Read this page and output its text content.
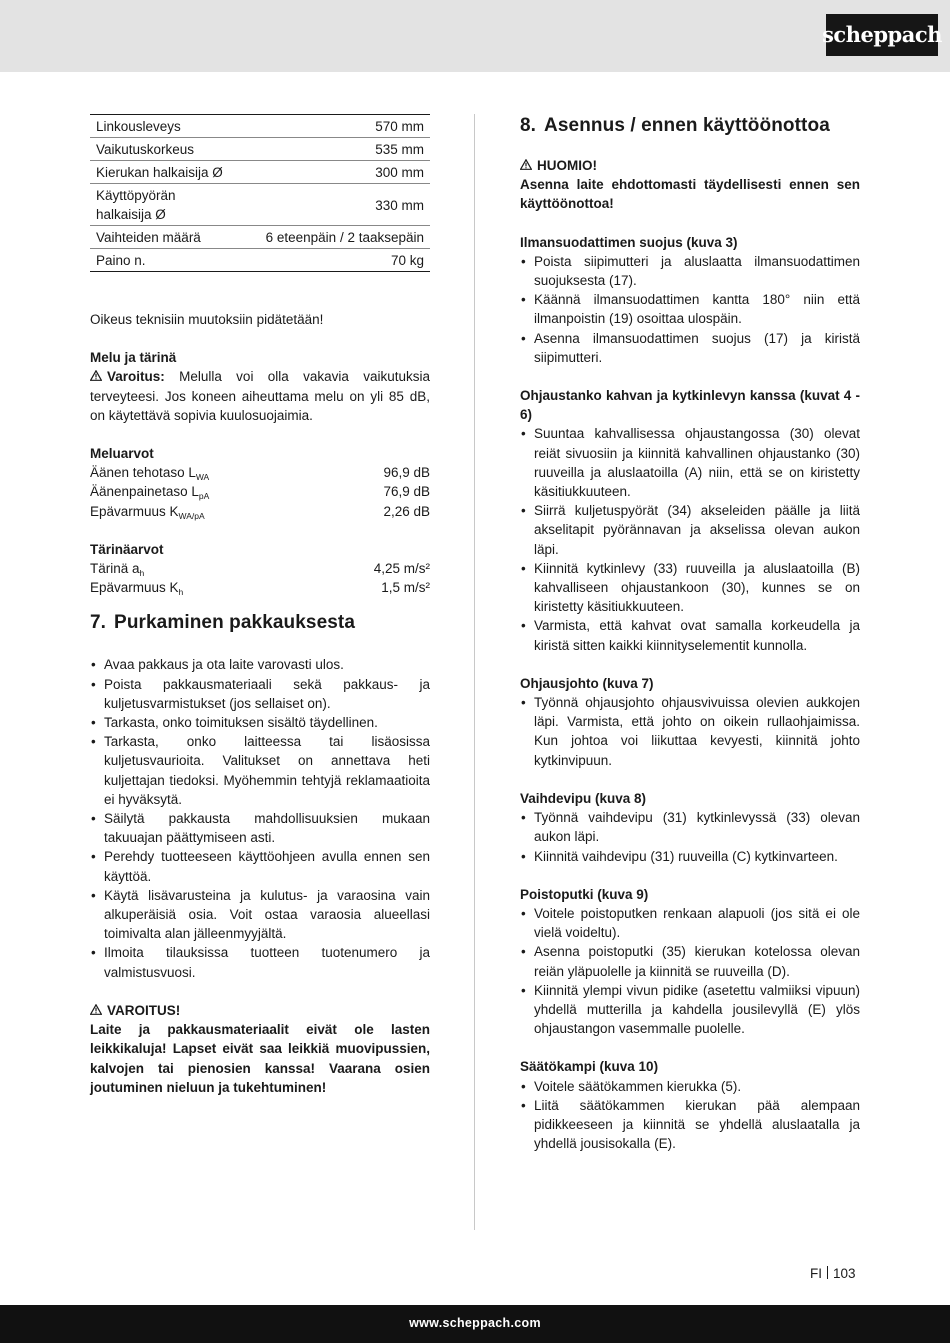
scheppach
Linkousleveys	570 mm
Vaikutuskorkeus	535 mm
Kierukan halkaisija Ø	300 mm
Käyttöpyörän halkaisija Ø	330 mm
Vaihteiden määrä	6 eteenpäin / 2 taaksepäin
Paino n.	70 kg

Oikeus teknisiin muutoksiin pidätetään!

Melu ja tärinä

Varoitus: Melulla voi olla vakavia vaikutuksia terveyteesi. Jos koneen aiheuttama melu on yli 85 dB, on käytettävä sopivia kuulosuojaimia.

Meluarvot

Äänen tehotaso $L_{WA}$	96,9 dB
Äänenpainetaso $L_{pA}$	76,9 dB
Epävarmuus $K_{WA/pA}$	2,26 dB

Tärinäarvot

Tärinä $a_h$	4,25 m/s²
Epävarmuus $K_h$	1,5 m/s²
7. Purkaminen pakkauksesta
• Avaa pakkaus ja ota laite varovasti ulos.
• Poista pakkausmateriaali sekä pakkaus- ja kuljetusvarmistukset (jos sellaiset on).
• Tarkasta, onko toimituksen sisältö täydellinen.
• Tarkasta, onko laitteessa tai lisäosissa kuljetusvaurioita. Valitukset on annettava heti kuljettajan tiedoksi. Myöhemmin tehtyjä reklamaatioita ei hyväksytä.
• Säilytä pakkausta mahdollisuuksien mukaan takuuajan päättymiseen asti.
• Perehdy tuotteeseen käyttöohjeen avulla ennen sen käyttöä.
• Käytä lisävarusteina ja kulutus- ja varaosina vain alkuperäisiä osia. Voit ostaa varaosia alueellasi toimivalta alan jälleenmyyjältä.
• Ilmoita tilauksissa tuotteen tuotenumero ja valmistusvuosi.

VAROITUS!

Laite ja pakkausmateriaalit eivät ole lasten leikkikaluja! Lapset eivät saa leikkiä muovipussien, kalvojen tai pienosien kanssa! Vaarana osien joutuminen nieluun ja tukehtuminen!

8. Asennus / ennen käyttöönottoa

HUOMIO!

Asenna laite ehdottomasti täydellisesti ennen sen käyttöönottoa!

Ilmansuodattimen suojus (kuva 3)

• Poista siipimutteri ja aluslaatta ilmansuodattimen suojuksesta (17).
• Käännä ilmansuodattimen kantta 180° niin että ilmanpoistin (19) osoittaa ulospäin.
• Asenna ilmansuodattimen suojus (17) ja kiristä siipimutteri.

Ohjaustanko kahvan ja kytkinlevyn kanssa (kuvat 4 - 6)

• Suuntaa kahvallisessa ohjaustangossa (30) olevat reiät sivuosiin ja kiinnitä kahvallinen ohjaustanko (30) ruuveilla ja aluslaatoilla (A) niin, että se on kiristetty käsitiukkuuteen.
• Siirrä kuljetuspyörät (34) akseleiden päälle ja liitä akselitapit pyörännavan ja akselissa olevan aukon läpi.
• Kiinnitä kytkinlevy (33) ruuveilla ja aluslaatoilla (B) kahvalliseen ohjaustankoon (30), kunnes se on kiristetty käsitiukkuuteen.
• Varmista, että kahvat ovat samalla korkeudella ja kiristä sitten kaikki kiinnityselementit kunnolla.

Ohjausjohto (kuva 7)

• Työnnä ohjausjohto ohjausvivuissa olevien aukkojen läpi. Varmista, että johto on oikein rullaohjaimissa. Kun johtoa voi liikuttaa kevyesti, kiinnitä johto kytkinvipuun.

Vaihdevipu (kuva 8)

• Työnnä vaihdevipu (31) kytkinlevyssä (33) olevan aukon läpi.
• Kiinnitä vaihdevipu (31) ruuveilla (C) kytkinvarteen.

Poistoputki (kuva 9)

• Voitele poistoputken renkaan alapuoli (jos sitä ei ole vielä voideltu).
• Asenna poistoputki (35) kierukan kotelossa olevan reiän yläpuolelle ja kiinnitä se ruuveilla (D).
• Kiinnitä ylempi vivun pidike (asetettu valmiiksi vipuun) yhdellä mutterilla ja kahdella jousilevyllä (E) ylös ohjaustangon vasemmalle puolelle.

Säätökampi (kuva 10)

• Voitele säätökammen kierukka (5).
• Liitä säätökammen kierukan pää alempaan pidikkeeseen ja kiinnitä se yhdellä aluslaatalla ja yhdellä jousisokalla (E).
FI 103
www.scheppach.com
